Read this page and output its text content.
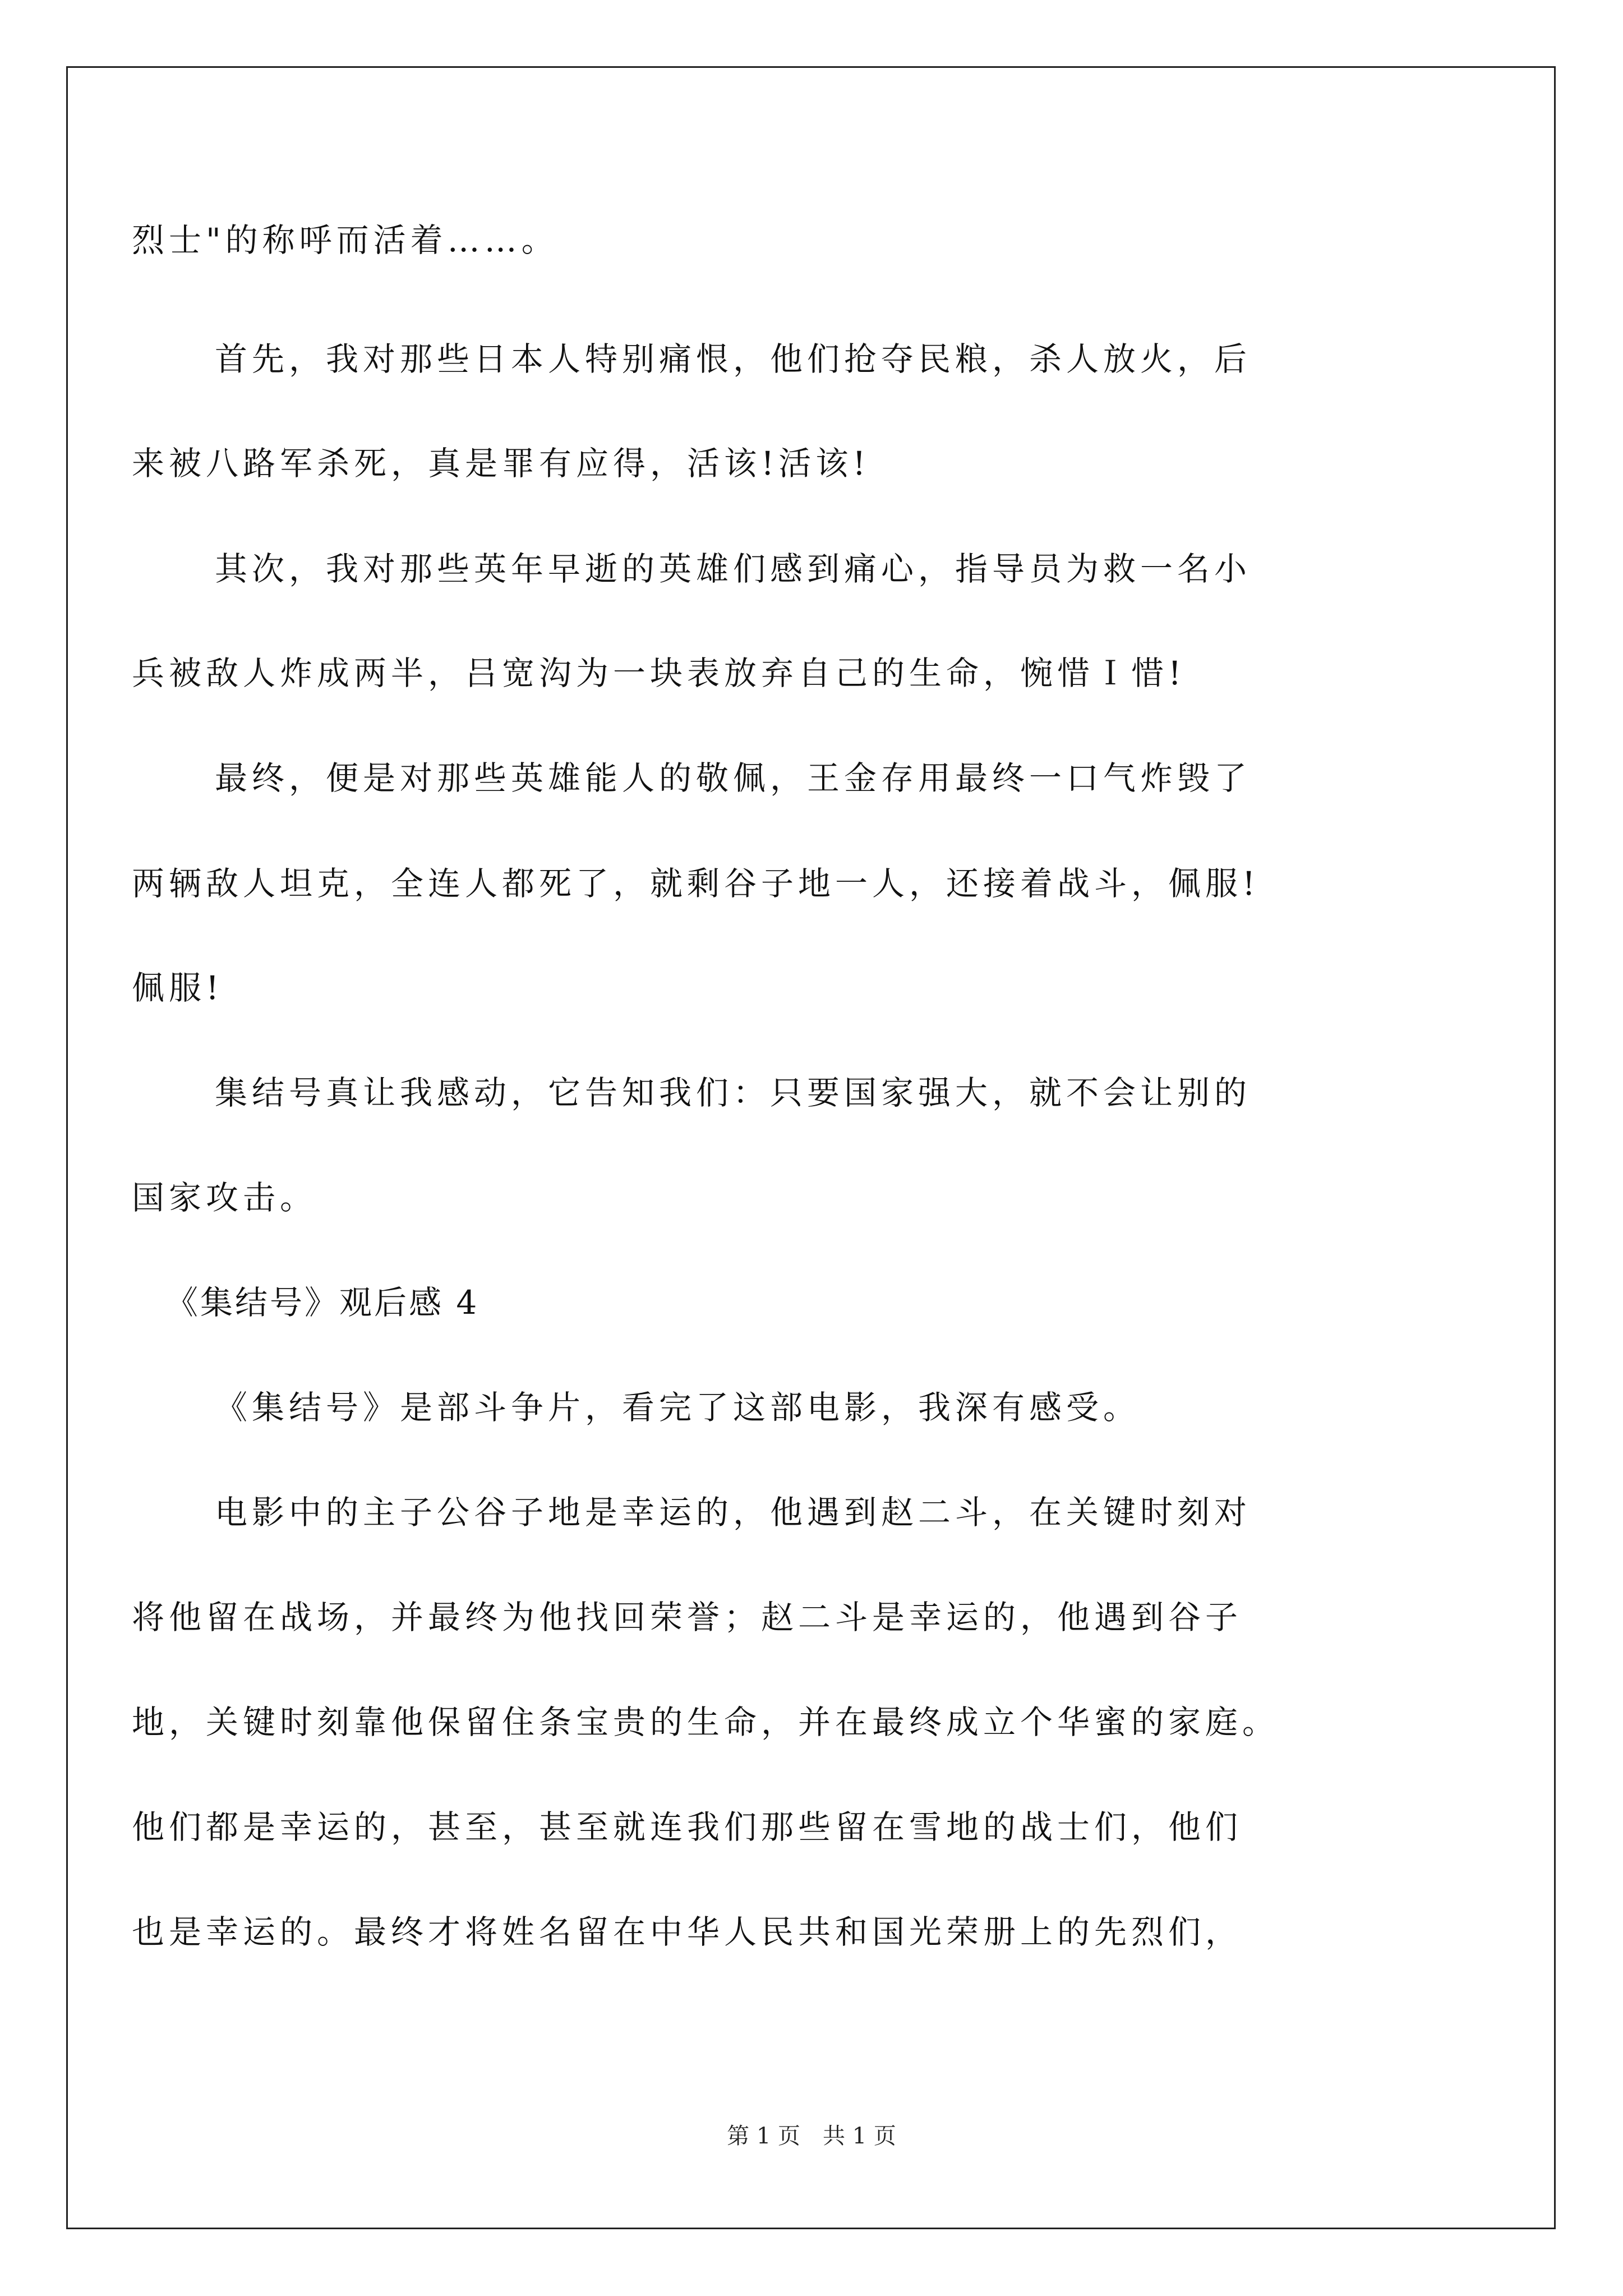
烈士"的称呼而活着……。
首先，我对那些日本人特别痛恨，他们抢夺民粮，杀人放火，后
来被八路军杀死，真是罪有应得，活该!活该!
其次，我对那些英年早逝的英雄们感到痛心，指导员为救一名小
兵被敌人炸成两半，吕宽沟为一块表放弃自己的生命，惋惜Ｉ惜!
最终，便是对那些英雄能人的敬佩，王金存用最终一口气炸毁了
两辆敌人坦克，全连人都死了，就剩谷子地一人，还接着战斗，佩服!
佩服!
集结号真让我感动，它告知我们：只要国家强大，就不会让别的
国家攻击。
《集结号》观后感 4
《集结号》是部斗争片，看完了这部电影，我深有感受。
电影中的主子公谷子地是幸运的，他遇到赵二斗，在关键时刻对
将他留在战场，并最终为他找回荣誉；赵二斗是幸运的，他遇到谷子
地，关键时刻靠他保留住条宝贵的生命，并在最终成立个华蜜的家庭。
他们都是幸运的，甚至，甚至就连我们那些留在雪地的战士们，他们
也是幸运的。最终才将姓名留在中华人民共和国光荣册上的先烈们，
第 1 页　共 1 页
